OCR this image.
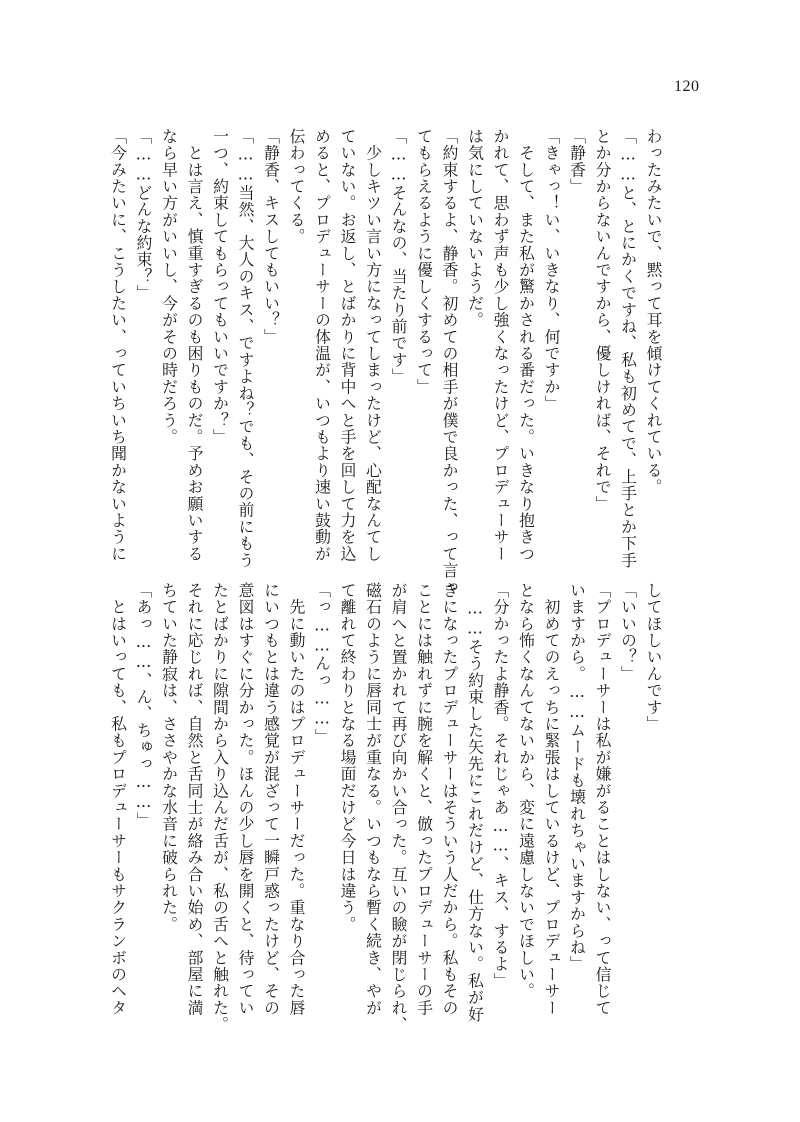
120
わったみたいで、黙って耳を傾けてくれている。
「……と、とにかくですね、私も初めてで、上手とか下手
とか分からないんですから、優しければ、それで」
「静香」
「きゃっ！い、いきなり、何ですか」
　そして、また私が驚かされる番だった。いきなり抱きつ
かれて、思わず声も少し強くなったけど、プロデューサー
は気にしていないようだ。
「約束するよ、静香。初めての相手が僕で良かった、って言っ
てもらえるように優しくするって」
「……そんなの、当たり前です」
　少しキツい言い方になってしまったけど、心配なんてし
ていない。お返し、とばかりに背中へと手を回して力を込
めると、プロデューサーの体温が、いつもより速い鼓動が
伝わってくる。
「静香、キスしてもいい？」
「……当然、大人のキス、ですよね？でも、その前にもう
一つ、約束してもらってもいいですか？」
　とは言え、慎重すぎるのも困りものだ。予めお願いする
なら早い方がいいし、今がその時だろう。
「……どんな約束？」
「今みたいに、こうしたい、っていちいち聞かないように
してほしいんです」
「いいの？」
「プロデューサーは私が嫌がることはしない、って信じて
いますから。……ムードも壊れちゃいますからね」
　初めてのえっちに緊張はしているけど、プロデューサー
となら怖くなんてないから、変に遠慮しないでほしい。
「分かったよ静香。それじゃあ……、キス、するよ」
　……そう約束した矢先にこれだけど、仕方ない。私が好
きになったプロデューサーはそういう人だから。私もその
ことには触れずに腕を解くと、倣ったプロデューサーの手
が肩へと置かれて再び向かい合った。互いの瞼が閉じられ、
磁石のように唇同士が重なる。いつもなら暫く続き、やが
て離れて終わりとなる場面だけど今日は違う。
「っ……んっ……」
　先に動いたのはプロデューサーだった。重なり合った唇
にいつもとは違う感覚が混ざって一瞬戸惑ったけど、その
意図はすぐに分かった。ほんの少し唇を開くと、待ってい
たとばかりに隙間から入り込んだ舌が、私の舌へと触れた。
それに応じれば、自然と舌同士が絡み合い始め、部屋に満
ちていた静寂は、ささやかな水音に破られた。
「あっ……、ん、ちゅっ……」
　とはいっても、私もプロデューサーもサクランボのヘタ
